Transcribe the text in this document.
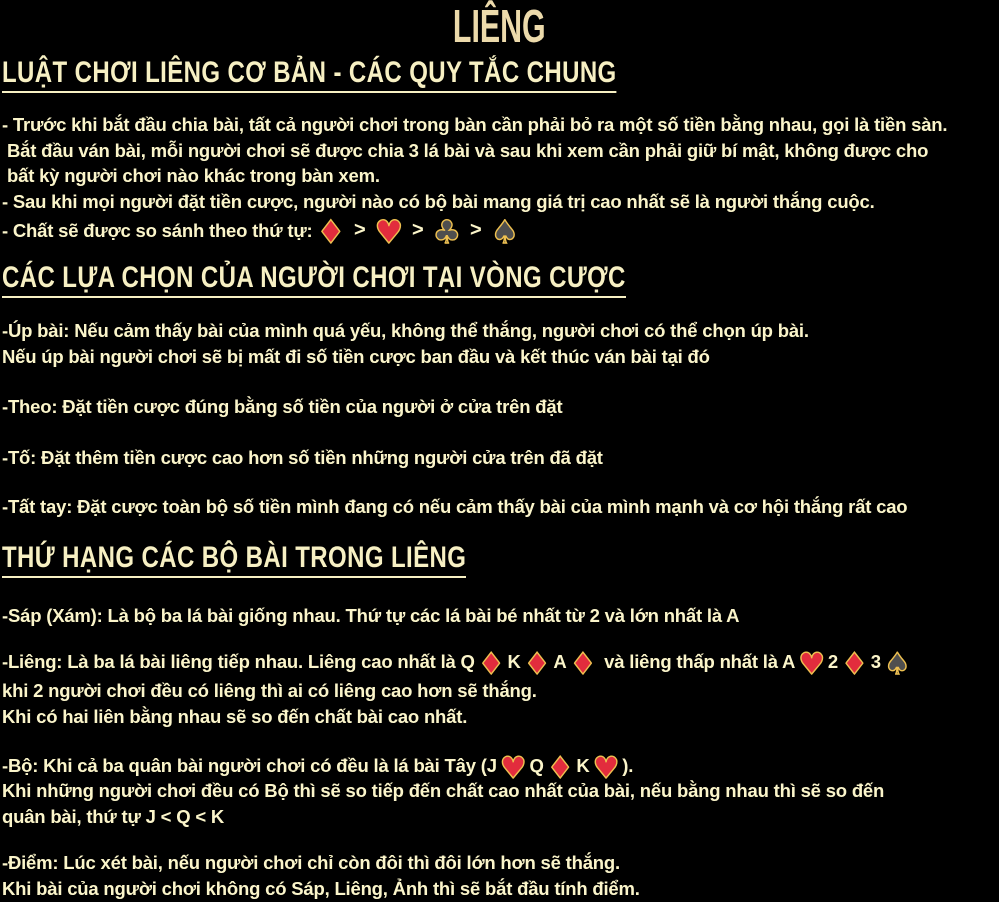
LIÊNG
LUẬT CHƠI LIÊNG CƠ BẢN - CÁC QUY TẮC CHUNG
- Trước khi bắt đầu chia bài, tất cả người chơi trong bàn cần phải bỏ ra một số tiền bằng nhau, gọi là tiền sàn.
Bắt đầu ván bài, mỗi người chơi sẽ được chia 3 lá bài và sau khi xem cần phải giữ bí mật, không được cho
bất kỳ người chơi nào khác trong bàn xem.
- Sau khi mọi người đặt tiền cược, người nào có bộ bài mang giá trị cao nhất sẽ là người thắng cuộc.
- Chất sẽ được so sánh theo thứ tự: ♦ > ♥ > ♣ > ♠
CÁC LỰA CHỌN CỦA NGƯỜI CHƠI TẠI VÒNG CƯỢC
-Úp bài: Nếu cảm thấy bài của mình quá yếu, không thể thắng, người chơi có thể chọn úp bài.
Nếu úp bài người chơi sẽ bị mất đi số tiền cược ban đầu và kết thúc ván bài tại đó
-Theo: Đặt tiền cược đúng bằng số tiền của người ở cửa trên đặt
-Tố: Đặt thêm tiền cược cao hơn số tiền những người cửa trên đã đặt
-Tất tay: Đặt cược toàn bộ số tiền mình đang có nếu cảm thấy bài của mình mạnh và cơ hội thắng rất cao
THỨ HẠNG CÁC BỘ BÀI TRONG LIÊNG
-Sáp (Xám): Là bộ ba lá bài giống nhau. Thứ tự các lá bài bé nhất từ 2 và lớn nhất là A
-Liêng: Là ba lá bài liêng tiếp nhau. Liêng cao nhất là Q ♦ K ♦ A ♦ và liêng thấp nhất là A ♥ 2 ♦ 3 ♠
khi 2 người chơi đều có liêng thì ai có liêng cao hơn sẽ thắng.
Khi có hai liên bằng nhau sẽ so đến chất bài cao nhất.
-Bộ: Khi cả ba quân bài người chơi có đều là lá bài Tây (J ♥ Q ♦ K ♥ ).
Khi những người chơi đều có Bộ thì sẽ so tiếp đến chất cao nhất của bài, nếu bằng nhau thì sẽ so đến
quân bài, thứ tự J < Q < K
-Điểm: Lúc xét bài, nếu người chơi chỉ còn đôi thì đôi lớn hơn sẽ thắng.
Khi bài của người chơi không có Sáp, Liêng, Ảnh thì sẽ bắt đầu tính điểm.
